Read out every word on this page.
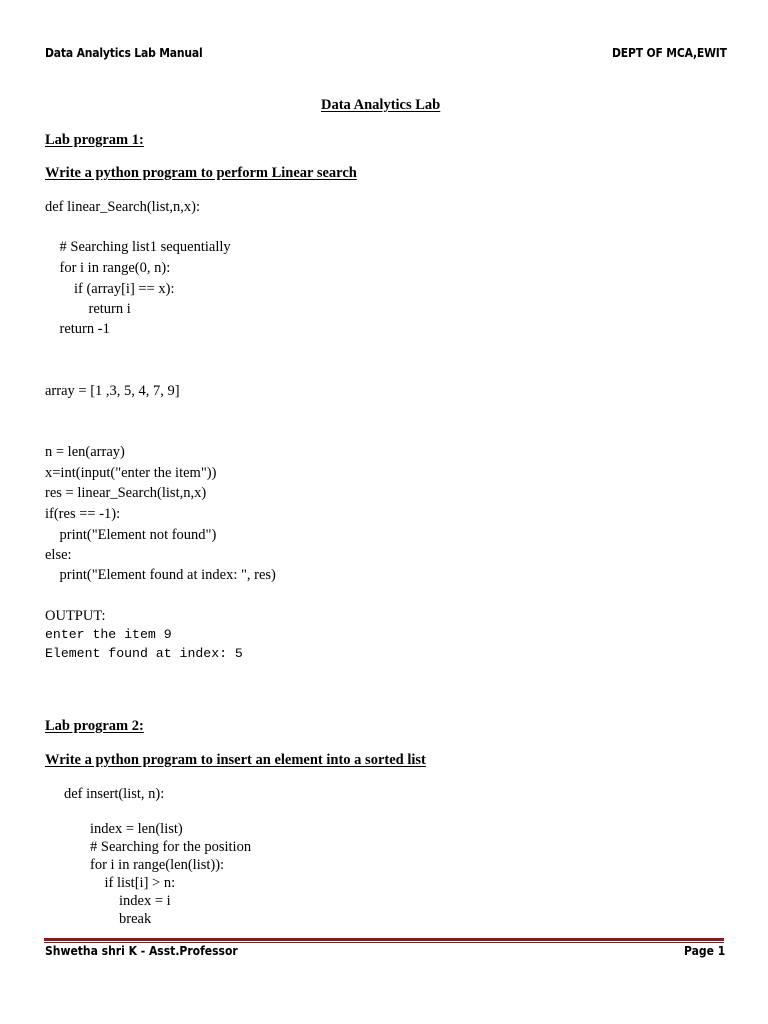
Data Analytics Lab Manual	DEPT OF MCA,EWIT
Data Analytics Lab
Lab program 1:
Write a python program to perform Linear search
def linear_Search(list,n,x):
# Searching list1 sequentially
for i in range(0, n):
if (array[i] == x):
return i
return -1
array = [1 ,3, 5, 4, 7, 9]
n = len(array)
x=int(input("enter the item"))
res = linear_Search(list,n,x)
if(res == -1):
print("Element not found")
else:
print("Element found at index: ", res)
OUTPUT:
enter the item 9
Element found at index: 5
Lab program 2:
Write a python program to insert an element into a sorted list
def insert(list, n):
index = len(list)
# Searching for the position
for i in range(len(list)):
if list[i] > n:
index = i
break
Shwetha shri K - Asst.Professor	Page 1
